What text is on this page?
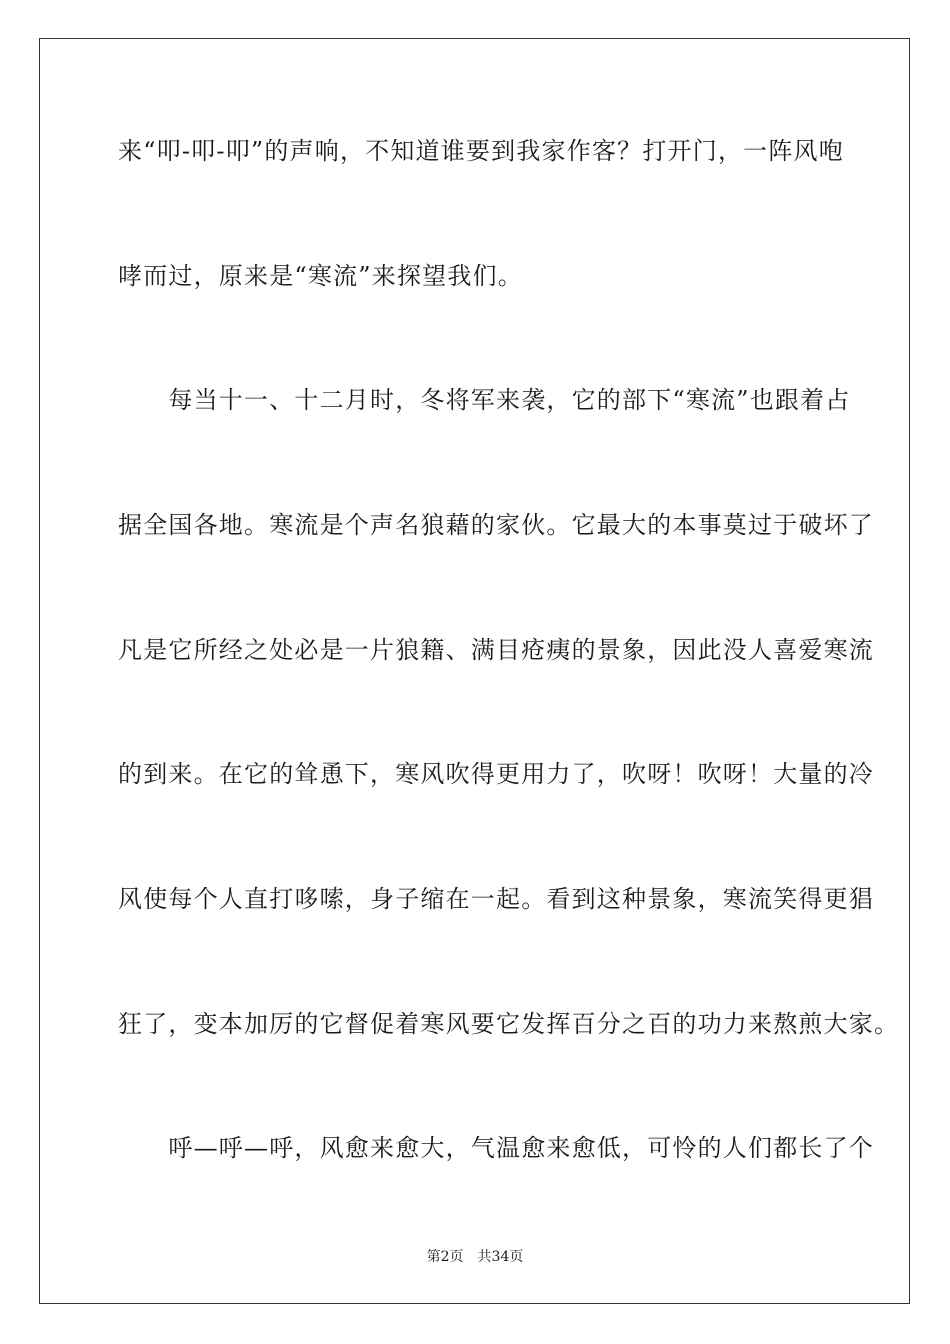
来“叩-叩-叩”的声响，不知道谁要到我家作客？打开门，一阵风咆
哮而过，原来是“寒流”来探望我们。
　　每当十一、十二月时，冬将军来袭，它的部下“寒流”也跟着占
据全国各地。寒流是个声名狼藉的家伙。它最大的本事莫过于破坏了
凡是它所经之处必是一片狼籍、满目疮痍的景象，因此没人喜爱寒流
的到来。在它的耸恿下，寒风吹得更用力了，吹呀！吹呀！大量的冷
风使每个人直打哆嗦，身子缩在一起。看到这种景象，寒流笑得更猖
狂了，变本加厉的它督促着寒风要它发挥百分之百的功力来熬煎大家。
　　呼—呼—呼，风愈来愈大，气温愈来愈低，可怜的人们都长了个
第2页 共34页
